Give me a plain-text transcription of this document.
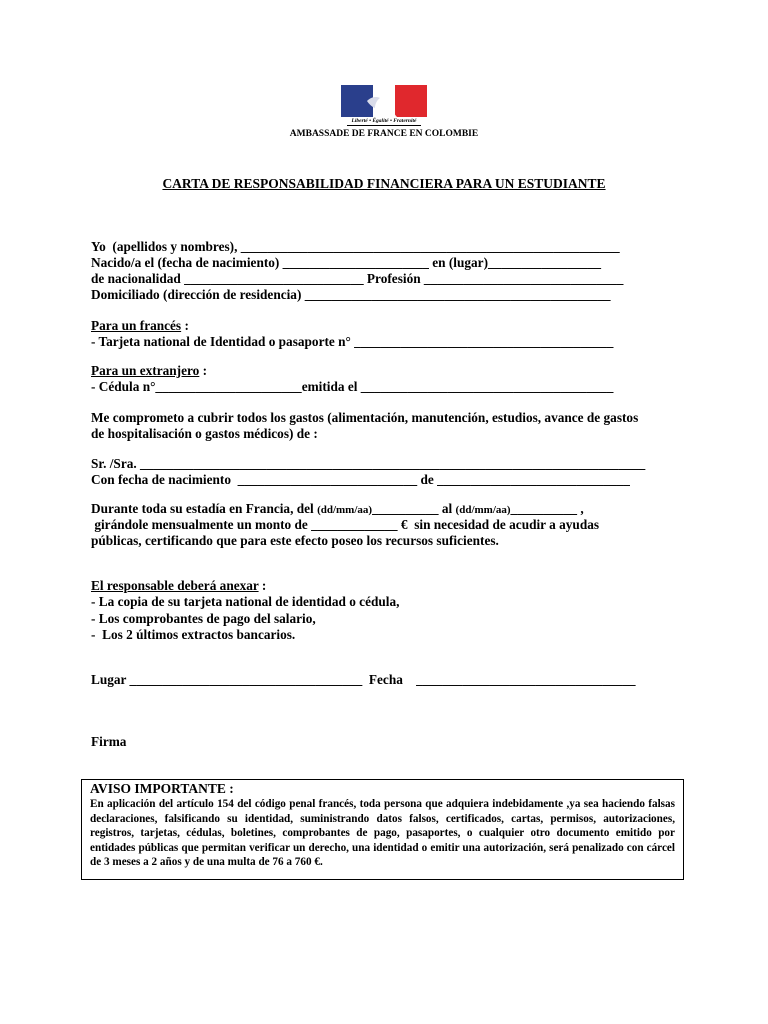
Liberté • Égalité • Fraternité
AMBASSADE DE FRANCE EN COLOMBIE
CARTA DE RESPONSABILIDAD FINANCIERA PARA UN ESTUDIANTE
Yo  (apellidos y nombres), _________________________________________________________
Nacido/a el (fecha de nacimiento) ______________________ en (lugar)_________________
de nacionalidad ___________________________ Profesión ______________________________
Domiciliado (dirección de residencia) ______________________________________________
Para un francés :
- Tarjeta national de Identidad o pasaporte n° _______________________________________
Para un extranjero :
- Cédula n°______________________emitida el ______________________________________
Me comprometo a cubrir todos los gastos (alimentación, manutención, estudios, avance de gastos
de hospitalisación o gastos médicos) de :
Sr. /Sra. ____________________________________________________________________________
Con fecha de nacimiento  ___________________________ de _____________________________
Durante toda su estadía en Francia, del (dd/mm/aa)__________ al (dd/mm/aa)__________ ,
girándole mensualmente un monto de _____________ €  sin necesidad de acudir a ayudas
públicas, certificando que para este efecto poseo los recursos suficientes.
El responsable deberá anexar :
- La copia de su tarjeta national de identidad o cédula,
- Los comprobantes de pago del salario,
-  Los 2 últimos extractos bancarios.
Lugar ___________________________________  Fecha    _________________________________
Firma
AVISO IMPORTANTE :
En aplicación del artículo 154 del código penal francés, toda persona que adquiera indebidamente ,ya sea haciendo falsas declaraciones, falsificando su identidad, suministrando datos falsos, certificados, cartas, permisos, autorizaciones, registros, tarjetas, cédulas, boletines, comprobantes de pago, pasaportes, o cualquier otro documento emitido por entidades públicas que permitan verificar un derecho, una identidad o emitir una autorización, será penalizado con cárcel de 3 meses a 2 años y de una multa de 76 a 760 €.
